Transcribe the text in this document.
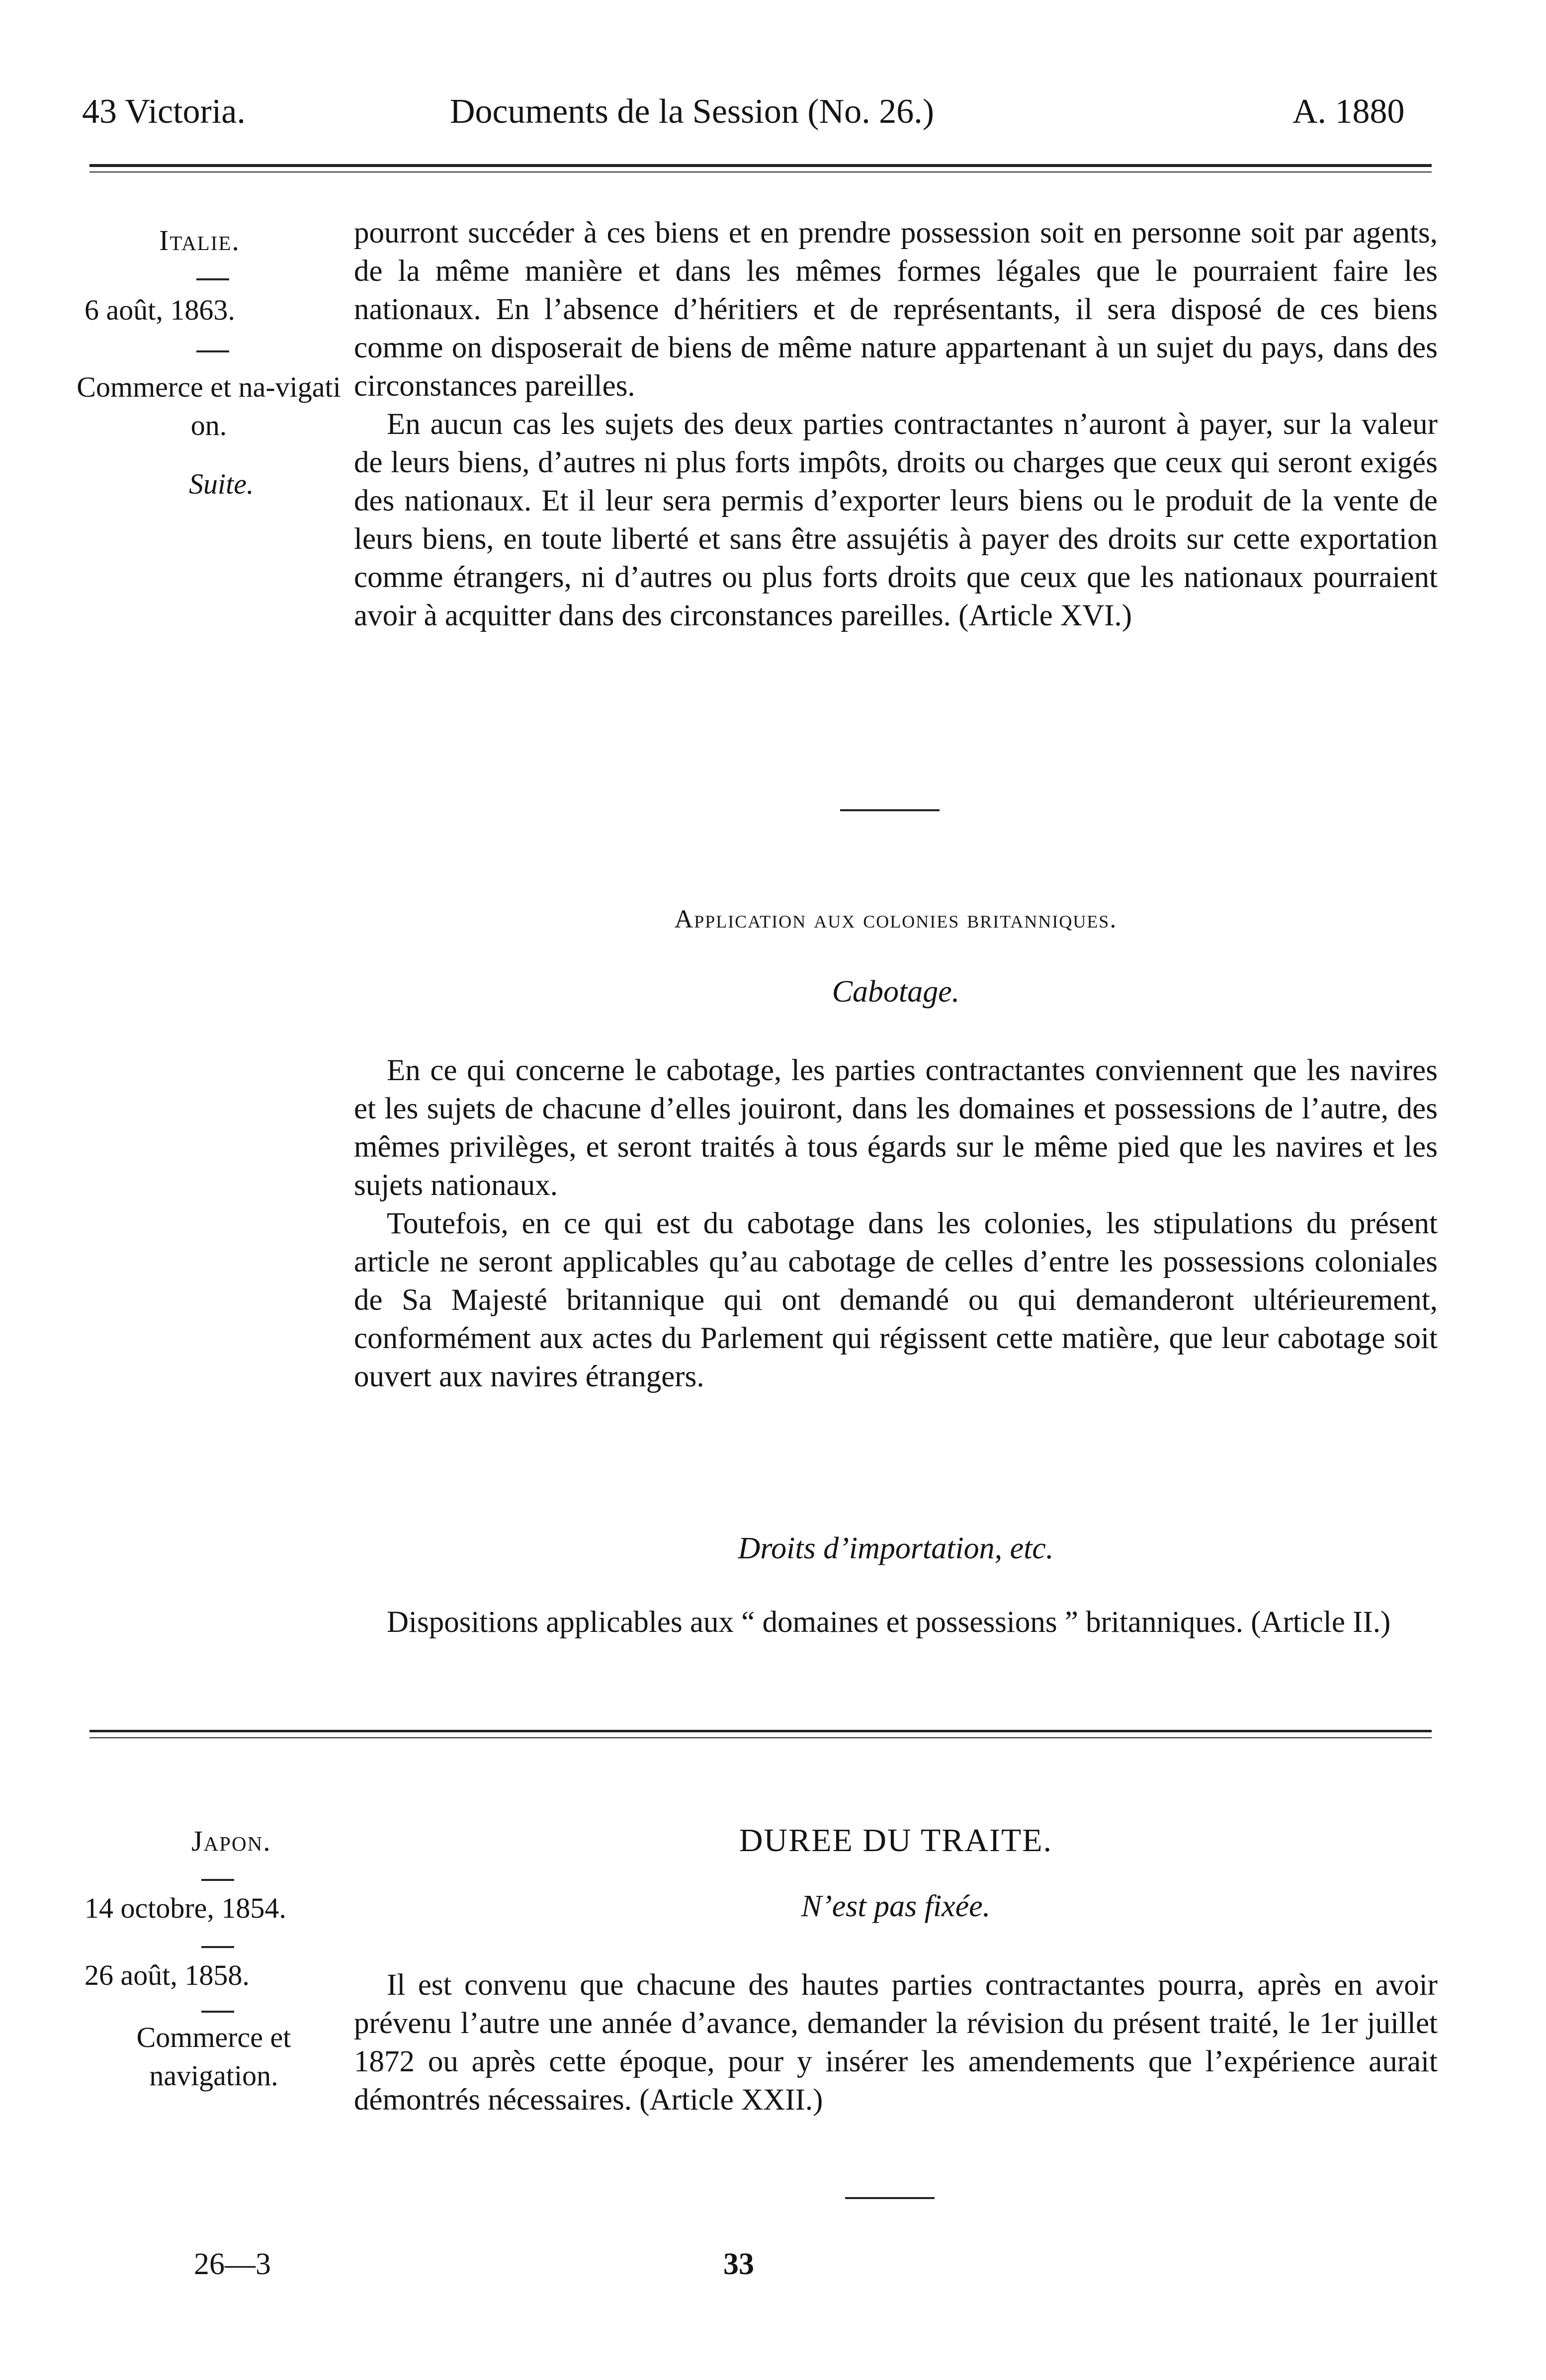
43 Victoria.	Documents de la Session (No. 26.)	A. 1880
Italie.
6 août, 1863.
Commerce et na-vigation.
Suite.

pourront succéder à ces biens et en prendre possession soit en personne soit par agents, de la même manière et dans les mêmes formes légales que le pourraient faire les nationaux. En l’absence d’héritiers et de représentants, il sera disposé de ces biens comme on disposerait de biens de même nature appartenant à un sujet du pays, dans des circonstances pareilles.

En aucun cas les sujets des deux parties contractantes n’auront à payer, sur la valeur de leurs biens, d’autres ni plus forts impôts, droits ou charges que ceux qui seront exigés des nationaux. Et il leur sera permis d’exporter leurs biens ou le produit de la vente de leurs biens, en toute liberté et sans être assujétis à payer des droits sur cette exportation comme étrangers, ni d’autres ou plus forts droits que ceux que les nationaux pourraient avoir à acquitter dans des circonstances pareilles. (Article XVI.)

Application aux colonies britanniques.
Cabotage.

En ce qui concerne le cabotage, les parties contractantes conviennent que les navires et les sujets de chacune d’elles jouiront, dans les domaines et possessions de l’autre, des mêmes privilèges, et seront traités à tous égards sur le même pied que les navires et les sujets nationaux.

Toutefois, en ce qui est du cabotage dans les colonies, les stipulations du présent article ne seront applicables qu’au cabotage de celles d’entre les possessions coloniales de Sa Majesté britannique qui ont demandé ou qui demanderont ultérieurement, conformément aux actes du Parlement qui régissent cette matière, que leur cabotage soit ouvert aux navires étrangers.

Droits d’importation, etc.

Dispositions applicables aux “ domaines et possessions ” britanniques. (Article II.)

Japon.
14 octobre, 1854.
26 août, 1858.
Commerce et navigation.
DUREE DU TRAITE.
N’est pas fixée.

Il est convenu que chacune des hautes parties contractantes pourra, après en avoir prévenu l’autre une année d’avance, demander la révision du présent traité, le 1er juillet 1872 ou après cette époque, pour y insérer les amendements que l’expérience aurait démontrés nécessaires. (Article XXII.)

26—3	33
